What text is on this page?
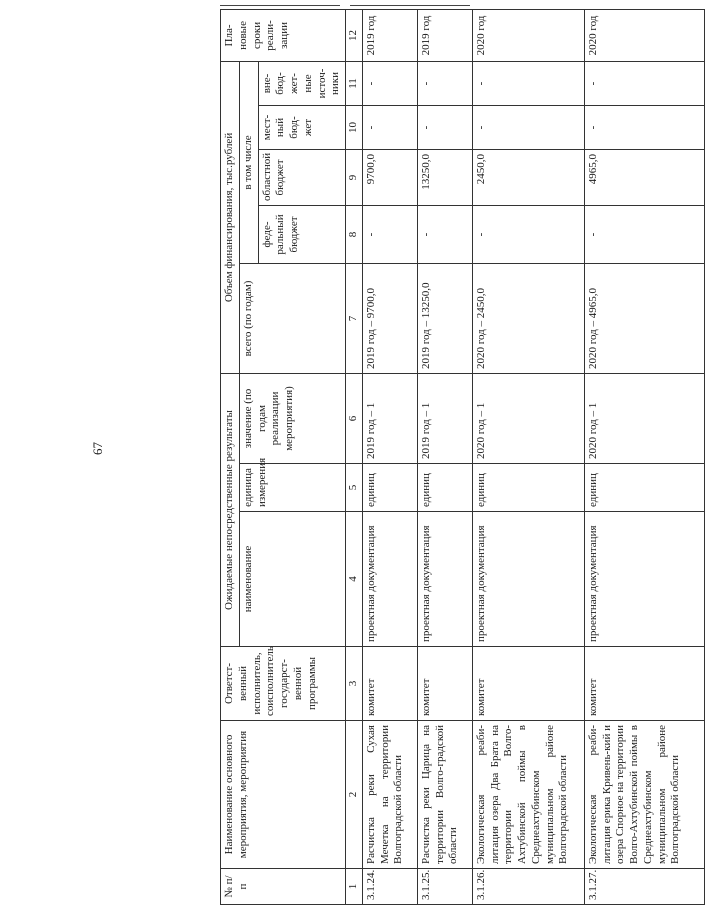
67
№ п/п	Наименование основного мероприятия, мероприятия	Ответст-венный исполнитель, соисполнитель государст-венной программы	Ожидаемые непосредственные результаты			Объем финансирования, тыс.рублей					Пла-новые сроки реали-зации
			наименование	единица измерения	значение (по годам реализации мероприятия)	всего (по годам)	в том числе				
							феде-ральный бюджет	областной бюджет	мест-ный бюд-жет	вне-бюд-жет-ные источ-ники	
1	2	3	4	5	6	7	8	9	10	11	12
3.1.24.	Расчистка реки Сухая Мечетка на территории Волгоградской области	комитет	проектная документация	единиц	2019 год – 1	2019 год – 9700,0	-	9700,0	-	-	2019 год
3.1.25.	Расчистка реки Царица на территории Волго-градской области	комитет	проектная документация	единиц	2019 год – 1	2019 год – 13250,0	-	13250,0	-	-	2019 год
3.1.26.	Экологическая реаби-литация озера Два Брата на территории Волго-Ахтубинской поймы в Среднеахтубинском муниципальном районе Волгоградской области	комитет	проектная документация	единиц	2020 год – 1	2020 год – 2450,0	-	2450,0	-	-	2020 год
3.1.27.	Экологическая реаби-литация ерика Кривень-кий и озера Спорное на территории Волго-Ахтубинской поймы в Среднеахтубинском муниципальном районе Волгоградской области	комитет	проектная документация	единиц	2020 год – 1	2020 год – 4965,0	-	4965,0	-	-	2020 год
